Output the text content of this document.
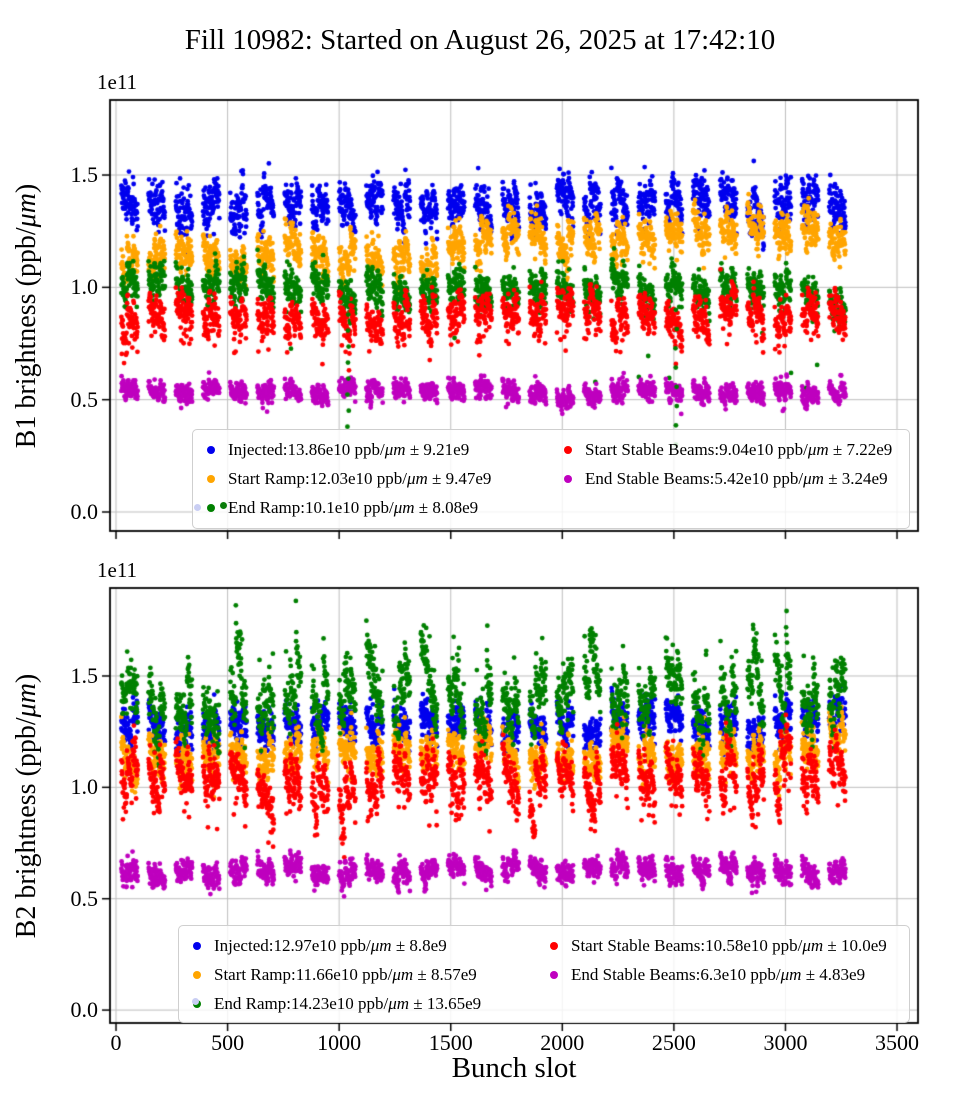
Fill 10982: Started on August 26, 2025 at 17:42:10
Bunch slot
0.0
0.5
1.0
1.5
1e11
B1 brightness (ppb/μm)
Injected:13.86e10 ppb/μm ± 9.21e9
Start Ramp:12.03e10 ppb/μm ± 9.47e9
End Ramp:10.1e10 ppb/μm ± 8.08e9
Start Stable Beams:9.04e10 ppb/μm ± 7.22e9
End Stable Beams:5.42e10 ppb/μm ± 3.24e9
0.0
0.5
1.0
1.5
1e11
B2 brightness (ppb/μm)
0	500	1000	1500	2000	2500	3000	3500
Injected:12.97e10 ppb/μm ± 8.8e9
Start Ramp:11.66e10 ppb/μm ± 8.57e9
End Ramp:14.23e10 ppb/μm ± 13.65e9
Start Stable Beams:10.58e10 ppb/μm ± 10.0e9
End Stable Beams:6.3e10 ppb/μm ± 4.83e9
